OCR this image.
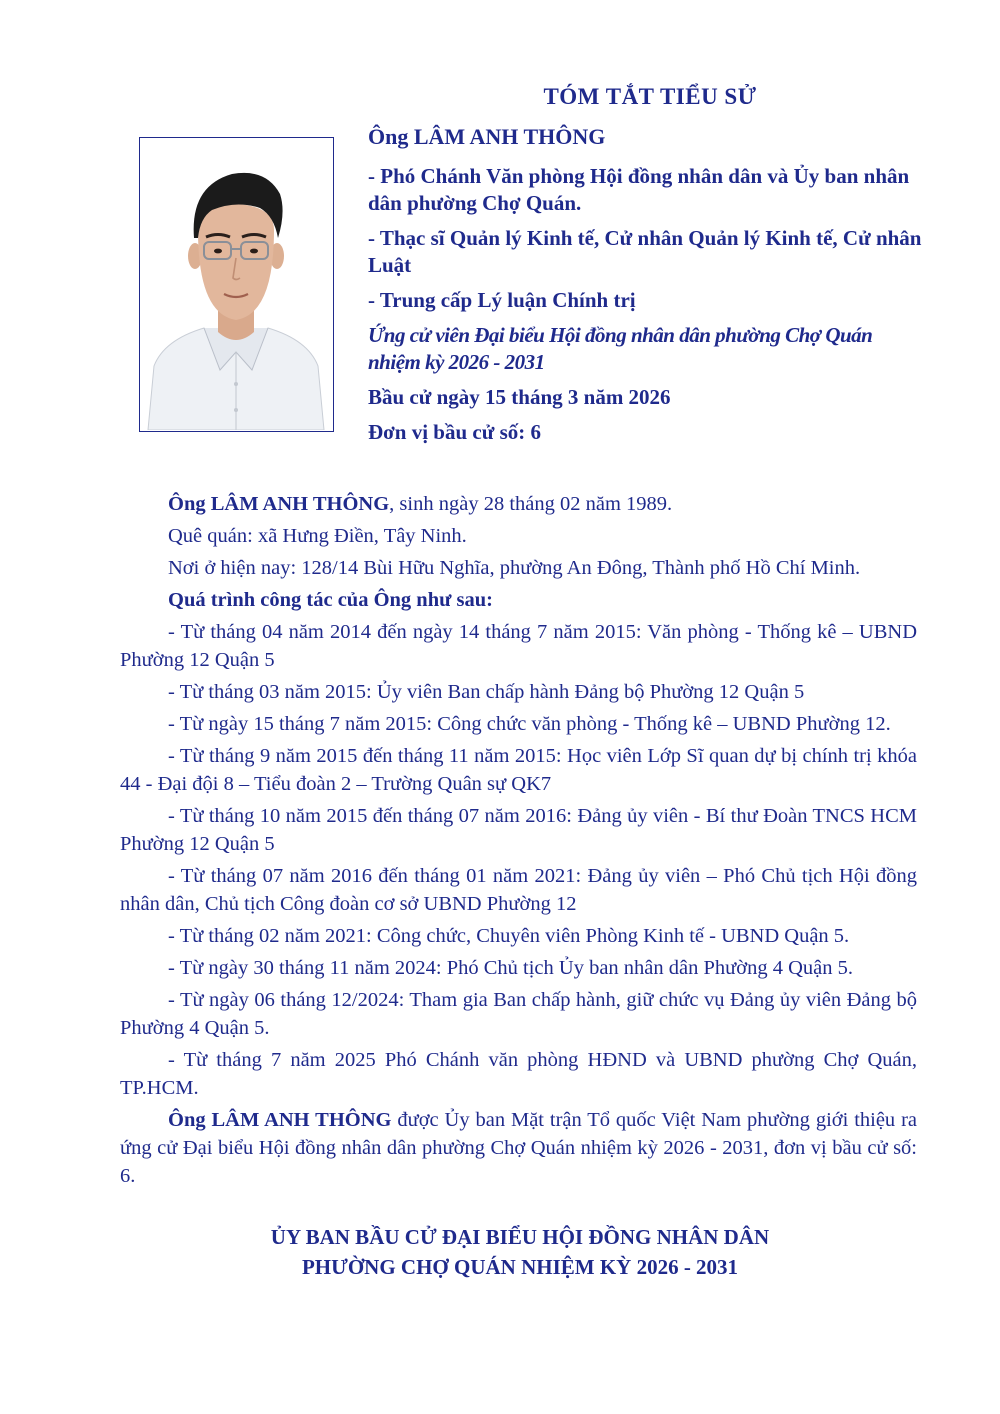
TÓM TẮT TIỂU SỬ

Ông LÂM ANH THÔNG

- Phó Chánh Văn phòng Hội đồng nhân dân và Ủy ban nhân dân phường Chợ Quán.

- Thạc sĩ Quản lý Kinh tế, Cử nhân Quản lý Kinh tế, Cử nhân Luật

- Trung cấp Lý luận Chính trị

Ứng cử viên Đại biểu Hội đồng nhân dân phường Chợ Quán nhiệm kỳ 2026 - 2031

Bầu cử ngày 15 tháng 3 năm 2026

Đơn vị bầu cử số: 6

Ông LÂM ANH THÔNG, sinh ngày 28 tháng 02 năm 1989.

Quê quán: xã Hưng Điền, Tây Ninh.

Nơi ở hiện nay: 128/14 Bùi Hữu Nghĩa, phường An Đông, Thành phố Hồ Chí Minh.

Quá trình công tác của Ông như sau:

- Từ tháng 04 năm 2014 đến ngày 14 tháng 7 năm 2015: Văn phòng - Thống kê – UBND Phường 12 Quận 5

- Từ tháng 03 năm 2015: Ủy viên Ban chấp hành Đảng bộ Phường 12 Quận 5

- Từ ngày 15 tháng 7 năm 2015: Công chức văn phòng - Thống kê – UBND Phường 12.

- Từ tháng 9 năm 2015 đến tháng 11 năm 2015: Học viên Lớp Sĩ quan dự bị chính trị khóa 44 - Đại đội 8 – Tiểu đoàn 2 – Trường Quân sự QK7

- Từ tháng 10 năm 2015 đến tháng 07 năm 2016: Đảng ủy viên - Bí thư Đoàn TNCS HCM Phường 12 Quận 5

- Từ tháng 07 năm 2016 đến tháng 01 năm 2021: Đảng ủy viên – Phó Chủ tịch Hội đồng nhân dân, Chủ tịch Công đoàn cơ sở UBND Phường 12

- Từ tháng 02 năm 2021: Công chức, Chuyên viên Phòng Kinh tế - UBND Quận 5.

- Từ ngày 30 tháng 11 năm 2024: Phó Chủ tịch Ủy ban nhân dân Phường 4 Quận 5.

- Từ ngày 06 tháng 12/2024: Tham gia Ban chấp hành, giữ chức vụ Đảng ủy viên Đảng bộ Phường 4 Quận 5.

- Từ tháng 7 năm 2025 Phó Chánh văn phòng HĐND và UBND phường Chợ Quán, TP.HCM.

Ông LÂM ANH THÔNG được Ủy ban Mặt trận Tổ quốc Việt Nam phường giới thiệu ra ứng cử Đại biểu Hội đồng nhân dân phường Chợ Quán nhiệm kỳ 2026 - 2031, đơn vị bầu cử số: 6.

ỦY BAN BẦU CỬ ĐẠI BIỂU HỘI ĐỒNG NHÂN DÂN
PHƯỜNG CHỢ QUÁN NHIỆM KỲ 2026 - 2031
